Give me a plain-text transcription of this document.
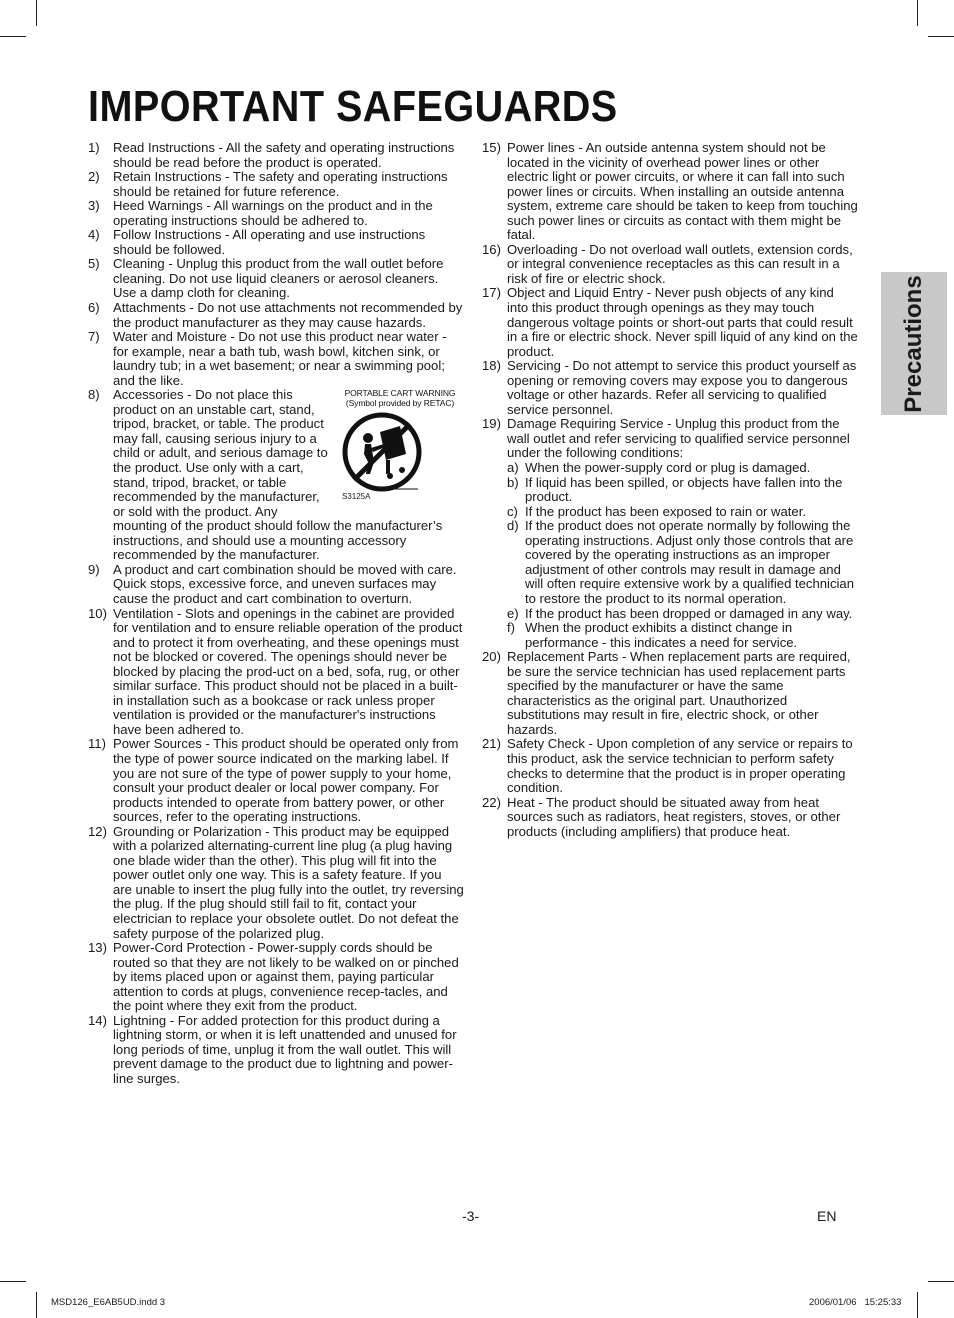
IMPORTANT SAFEGUARDS
1) Read Instructions - All the safety and operating instructions should be read before the product is operated.
2) Retain Instructions - The safety and operating instructions should be retained for future reference.
3) Heed Warnings - All warnings on the product and in the operating instructions should be adhered to.
4) Follow Instructions - All operating and use instructions should be followed.
5) Cleaning - Unplug this product from the wall outlet before cleaning. Do not use liquid cleaners or aerosol cleaners. Use a damp cloth for cleaning.
6) Attachments - Do not use attachments not recommended by the product manufacturer as they may cause hazards.
7) Water and Moisture - Do not use this product near water - for example, near a bath tub, wash bowl, kitchen sink, or laundry tub; in a wet basement; or near a swimming pool; and the like.
8)	PORTABLE CART WARNING
(Symbol provided by RETAC)
S3125A
Accessories - Do not place this product on an unstable cart, stand, tripod, bracket, or table. The product may fall, causing serious injury to a child or adult, and serious damage to the product. Use only with a cart, stand, tripod, bracket, or table recommended by the manufacturer, or sold with the product. Any mounting of the product should follow the manufacturer’s instructions, and should use a mounting accessory recommended by the manufacturer.
9) A product and cart combination should be moved with care. Quick stops, excessive force, and uneven surfaces may cause the product and cart combination to overturn.
10) Ventilation - Slots and openings in the cabinet are provided for ventilation and to ensure reliable operation of the product and to protect it from overheating, and these openings must not be blocked or covered. The openings should never be blocked by placing the prod-uct on a bed, sofa, rug, or other similar surface. This product should not be placed in a built-in installation such as a bookcase or rack unless proper ventilation is provided or the manufacturer's instructions have been adhered to.
11) Power Sources - This product should be operated only from the type of power source indicated on the marking label. If you are not sure of the type of power supply to your home, consult your product dealer or local power company. For products intended to operate from battery power, or other sources, refer to the operating instructions.
12) Grounding or Polarization - This product may be equipped with a polarized alternating-current line plug (a plug having one blade wider than the other). This plug will fit into the power outlet only one way. This is a safety feature. If you are unable to insert the plug fully into the outlet, try reversing the plug. If the plug should still fail to fit, contact your electrician to replace your obsolete outlet. Do not defeat the safety purpose of the polarized plug.
13) Power-Cord Protection - Power-supply cords should be routed so that they are not likely to be walked on or pinched by items placed upon or against them, paying particular attention to cords at plugs, convenience recep-tacles, and the point where they exit from the product.
14) Lightning - For added protection for this product during a lightning storm, or when it is left unattended and unused for long periods of time, unplug it from the wall outlet. This will prevent damage to the product due to lightning and power-line surges.
15) Power lines - An outside antenna system should not be located in the vicinity of overhead power lines or other electric light or power circuits, or where it can fall into such power lines or circuits. When installing an outside antenna system, extreme care should be taken to keep from touching such power lines or circuits as contact with them might be fatal.
16) Overloading - Do not overload wall outlets, extension cords, or integral convenience receptacles as this can result in a risk of fire or electric shock.
17) Object and Liquid Entry - Never push objects of any kind into this product through openings as they may touch dangerous voltage points or short-out parts that could result in a fire or electric shock. Never spill liquid of any kind on the product.
18) Servicing - Do not attempt to service this product yourself as opening or removing covers may expose you to dangerous voltage or other hazards. Refer all servicing to qualified service personnel.
19) Damage Requiring Service - Unplug this product from the wall outlet and refer servicing to qualified service personnel under the following conditions:
a) When the power-supply cord or plug is damaged.
b) If liquid has been spilled, or objects have fallen into the product.
c) If the product has been exposed to rain or water.
d) If the product does not operate normally by following the operating instructions. Adjust only those controls that are covered by the operating instructions as an improper adjustment of other controls may result in damage and will often require extensive work by a qualified technician to restore the product to its normal operation.
e) If the product has been dropped or damaged in any way.
f) When the product exhibits a distinct change in performance - this indicates a need for service.
20) Replacement Parts - When replacement parts are required, be sure the service technician has used replacement parts specified by the manufacturer or have the same characteristics as the original part. Unauthorized substitutions may result in fire, electric shock, or other hazards.
21) Safety Check - Upon completion of any service or repairs to this product, ask the service technician to perform safety checks to determine that the product is in proper operating condition.
22) Heat - The product should be situated away from heat sources such as radiators, heat registers, stoves, or other products (including amplifiers) that produce heat.
Precautions
-3-	EN
MSD126_E6AB5UD.indd 3	2006/01/06   15:25:33
